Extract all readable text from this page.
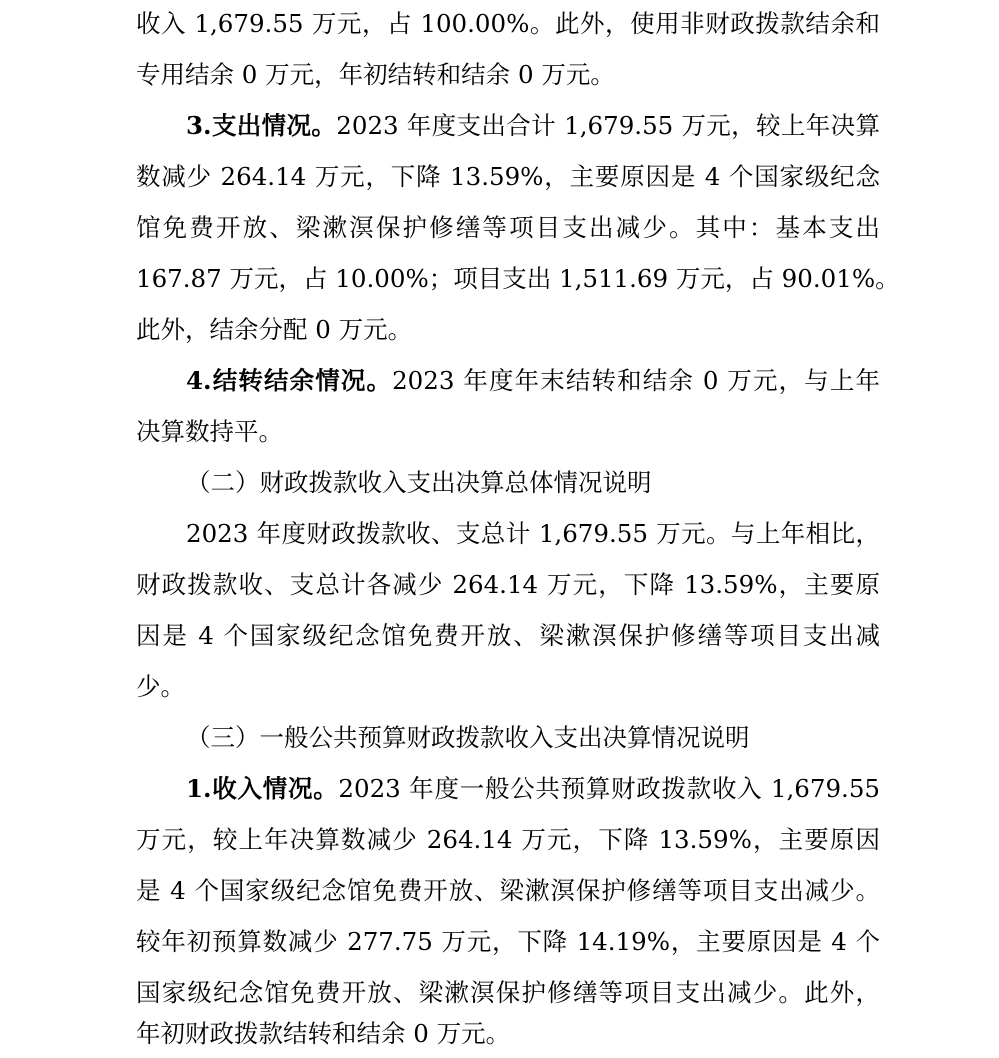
收入 1,679.55 万元，占 100.00%。此外，使用非财政拨款结余和
专用结余 0 万元，年初结转和结余 0 万元。
3.支出情况。2023 年度支出合计 1,679.55 万元，较上年决算
数减少 264.14 万元，下降 13.59%，主要原因是 4 个国家级纪念
馆免费开放、梁漱溟保护修缮等项目支出减少。其中：基本支出
167.87 万元，占 10.00%；项目支出 1,511.69 万元，占 90.01%。
此外，结余分配 0 万元。
4.结转结余情况。2023 年度年末结转和结余 0 万元，与上年
决算数持平。
（二）财政拨款收入支出决算总体情况说明
2023 年度财政拨款收、支总计 1,679.55 万元。与上年相比，
财政拨款收、支总计各减少 264.14 万元，下降 13.59%，主要原
因是 4 个国家级纪念馆免费开放、梁漱溟保护修缮等项目支出减
少。
（三）一般公共预算财政拨款收入支出决算情况说明
1.收入情况。2023 年度一般公共预算财政拨款收入 1,679.55
万元，较上年决算数减少 264.14 万元，下降 13.59%，主要原因
是 4 个国家级纪念馆免费开放、梁漱溟保护修缮等项目支出减少。
较年初预算数减少 277.75 万元，下降 14.19%，主要原因是 4 个
国家级纪念馆免费开放、梁漱溟保护修缮等项目支出减少。此外，
年初财政拨款结转和结余 0 万元。
